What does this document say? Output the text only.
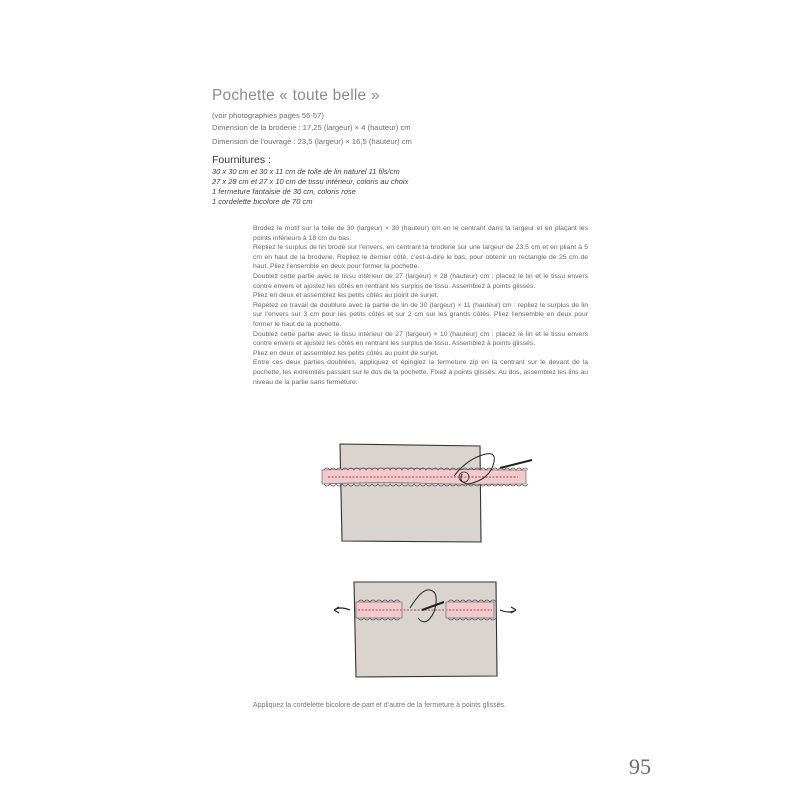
Pochette « toute belle »
(voir photographies pages 56-57)
Dimension de la broderie : 17,25 (largeur) × 4 (hauteur) cm
Dimension de l’ouvrage : 23,5 (largeur) × 16,5 (hauteur) cm
Fournitures :
30 x 30 cm et 30 x 11 cm de toile de lin naturel 11 fils/cm
27 x 28 cm et 27 x 10 cm de tissu intérieur, coloris au choix
1 fermeture fantaisie de 30 cm, coloris rose
1 cordelette bicolore de 70 cm

Brodez le motif sur la toile de 30 (largeur) × 30 (hauteur) cm en le centrant dans la largeur et en plaçant les points inférieurs à 18 cm du bas.

Repliez le surplus de lin brodé sur l’envers, en centrant la broderie sur une largeur de 23,5 cm et en pliant à 5 cm en haut de la broderie. Repliez le dernier côté, c’est-à-dire le bas, pour obtenir un rectangle de 25 cm de haut. Pliez l’ensemble en deux pour former la pochette.

Doublez cette partie avec le tissu intérieur de 27 (largeur) × 28 (hauteur) cm : placez le lin et le tissu envers contre envers et ajustez les côtés en rentrant les surplus de tissu. Assemblez à points glissés.

Pliez en deux et assemblez les petits côtés au point de surjet.

Répétez ce travail de doublure avec la partie de lin de 30 (largeur) × 11 (hauteur) cm : repliez le surplus de lin sur l’envers sur 3 cm pour les petits côtés et sur 2 cm sur les grands côtés. Pliez l’ensemble en deux pour former le haut de la pochette.

Doublez cette partie avec le tissu intérieur de 27 (largeur) × 10 (hauteur) cm : placez le lin et le tissu envers contre envers et ajustez les côtés en rentrant les surplus de tissu. Assemblez à points glissés.

Pliez en deux et assemblez les petits côtés au point de surjet.

Entre ces deux parties doublées, appliquez et épinglez la fermeture zip en la centrant sur le devant de la pochette, les extrémités passant sur le dos de la pochette. Fixez à points glissés. Au dos, assemblez les lins au niveau de la partie sans fermeture.

Appliquez la cordelette bicolore de part et d’autre de la fermeture à points glissés.
95
